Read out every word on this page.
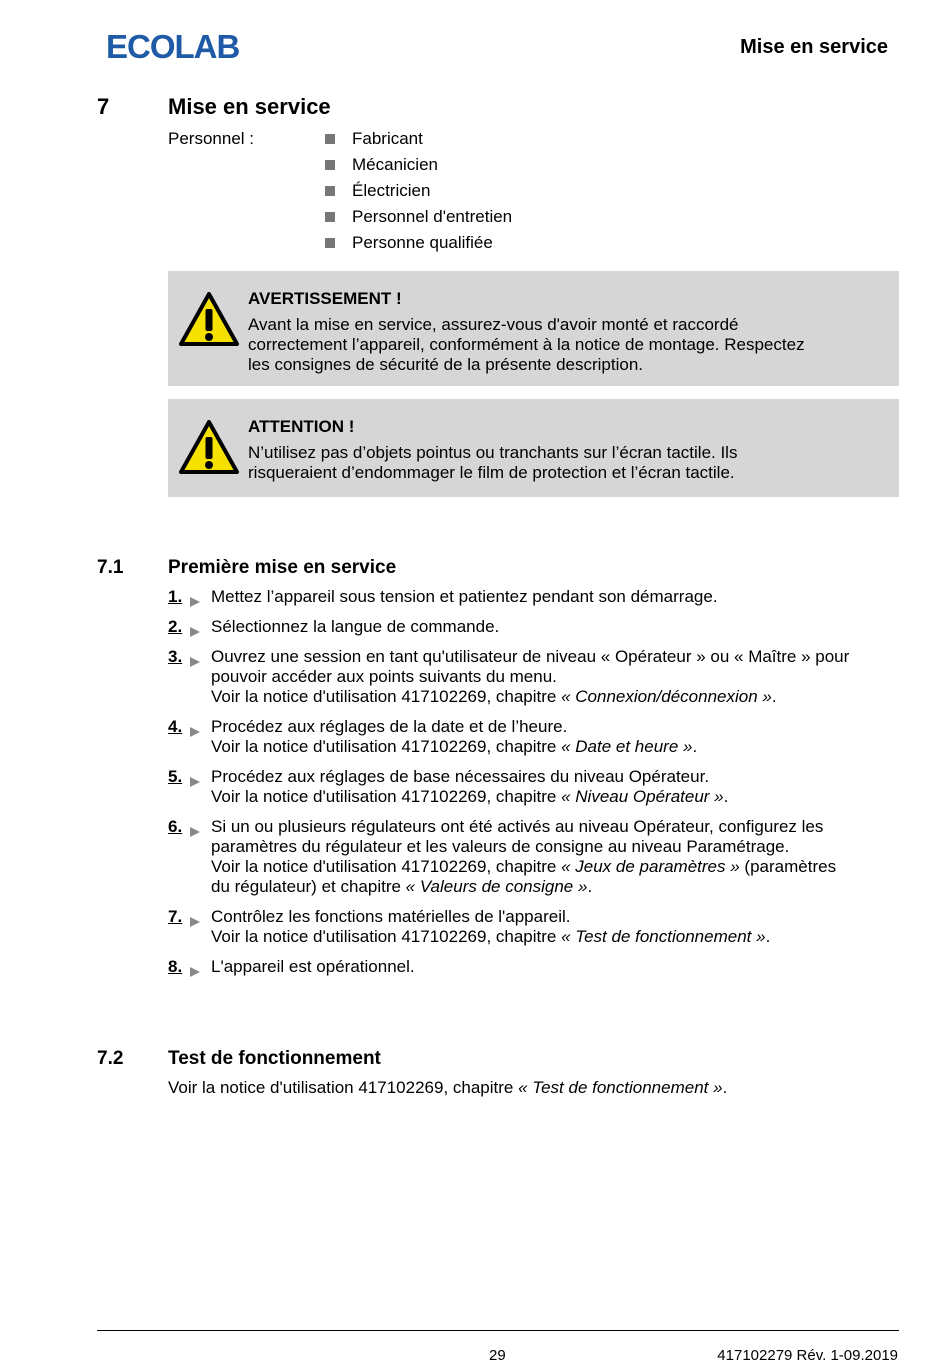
ECOLAB	Mise en service
7	Mise en service
Personnel :	Fabricant
Mécanicien
Électricien
Personnel d'entretien
Personne qualifiée
AVERTISSEMENT !
Avant la mise en service, assurez-vous d'avoir monté et raccordé
correctement l’appareil, conformément à la notice de montage. Respectez
les consignes de sécurité de la présente description.
ATTENTION !
N’utilisez pas d’objets pointus ou tranchants sur l’écran tactile. Ils
risqueraient d’endommager le film de protection et l’écran tactile.
7.1 Première mise en service
1.	Mettez l’appareil sous tension et patientez pendant son démarrage.
2.	Sélectionnez la langue de commande.
3.	Ouvrez une session en tant qu'utilisateur de niveau « Opérateur » ou « Maître » pour
pouvoir accéder aux points suivants du menu.
Voir la notice d'utilisation 417102269, chapitre « Connexion/déconnexion ».
4.	Procédez aux réglages de la date et de l’heure.
Voir la notice d'utilisation 417102269, chapitre « Date et heure ».
5.	Procédez aux réglages de base nécessaires du niveau Opérateur.
Voir la notice d'utilisation 417102269, chapitre « Niveau Opérateur ».
6.	Si un ou plusieurs régulateurs ont été activés au niveau Opérateur, configurez les
paramètres du régulateur et les valeurs de consigne au niveau Paramétrage.
Voir la notice d'utilisation 417102269, chapitre « Jeux de paramètres » (paramètres
du régulateur) et chapitre « Valeurs de consigne ».
7.	Contrôlez les fonctions matérielles de l'appareil.
Voir la notice d'utilisation 417102269, chapitre « Test de fonctionnement ».
8.	L'appareil est opérationnel.
7.2 Test de fonctionnement
Voir la notice d'utilisation 417102269, chapitre « Test de fonctionnement ».
29	417102279 Rév. 1-09.2019
